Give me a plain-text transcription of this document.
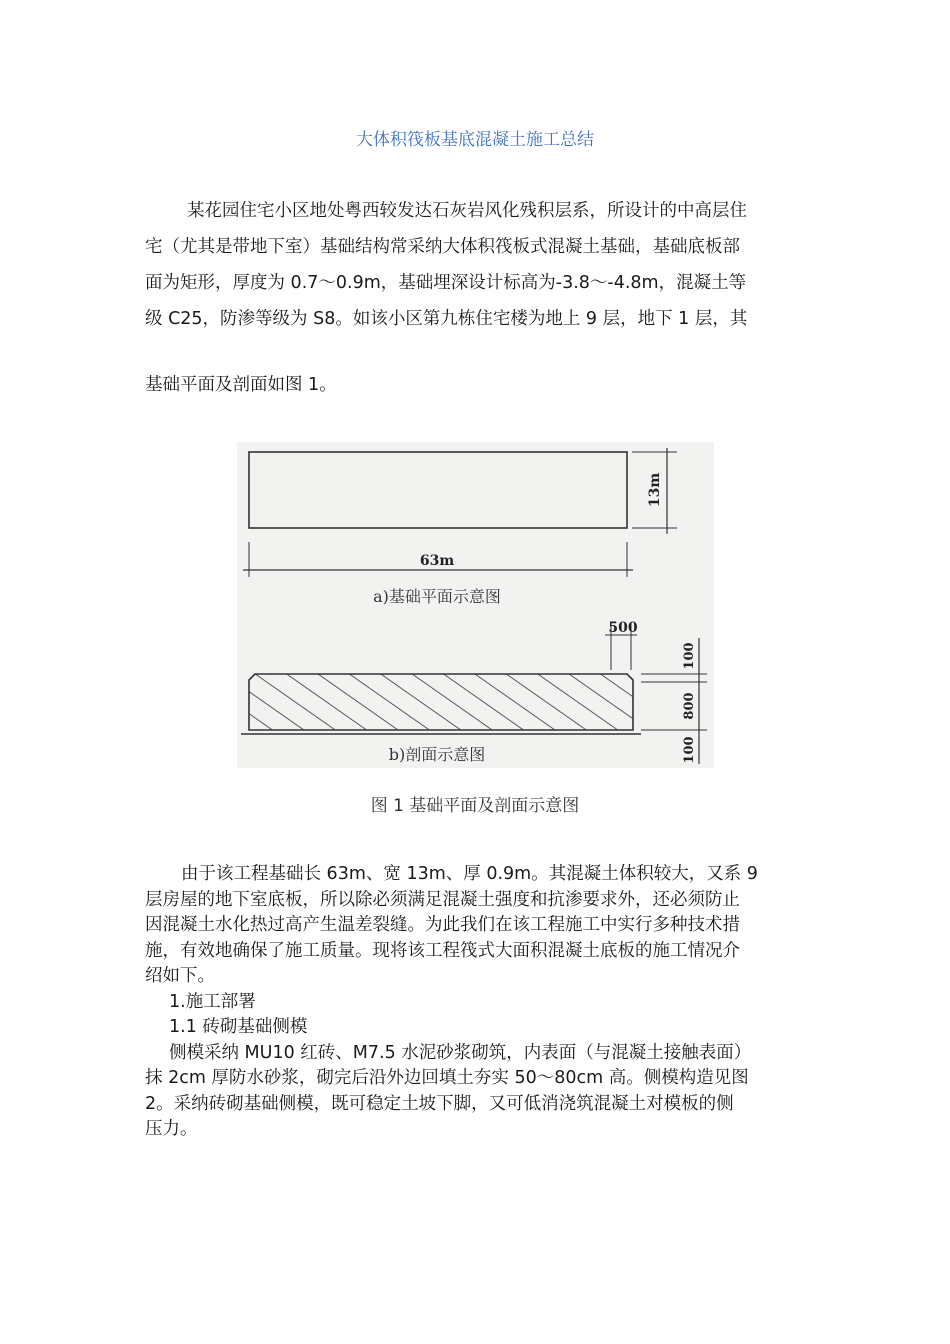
大体积筏板基底混凝土施工总结
某花园住宅小区地处粤西较发达石灰岩风化残积层系，所设计的中高层住
宅（尤其是带地下室）基础结构常采纳大体积筏板式混凝土基础，基础底板部
面为矩形，厚度为 0.7～0.9m，基础埋深设计标高为-3.8～-4.8m，混凝土等
级 C25，防渗等级为 S8。如该小区第九栋住宅楼为地上 9 层，地下 1 层，其
基础平面及剖面如图 1。
13m
63m
a)基础平面示意图
500
100
800
100
b)剖面示意图
图 1 基础平面及剖面示意图

由于该工程基础长 63m、宽 13m、厚 0.9m。其混凝土体积较大，又系 9

层房屋的地下室底板，所以除必须满足混凝土强度和抗渗要求外，还必须防止

因混凝土水化热过高产生温差裂缝。为此我们在该工程施工中实行多种技术措

施，有效地确保了施工质量。现将该工程筏式大面积混凝土底板的施工情况介

绍如下。

1.施工部署

1.1 砖砌基础侧模

侧模采纳 MU10 红砖、M7.5 水泥砂浆砌筑，内表面（与混凝土接触表面）

抹 2cm 厚防水砂浆，砌完后沿外边回填土夯实 50～80cm 高。侧模构造见图

2。采纳砖砌基础侧模，既可稳定土坡下脚，又可低消浇筑混凝土对模板的侧

压力。
